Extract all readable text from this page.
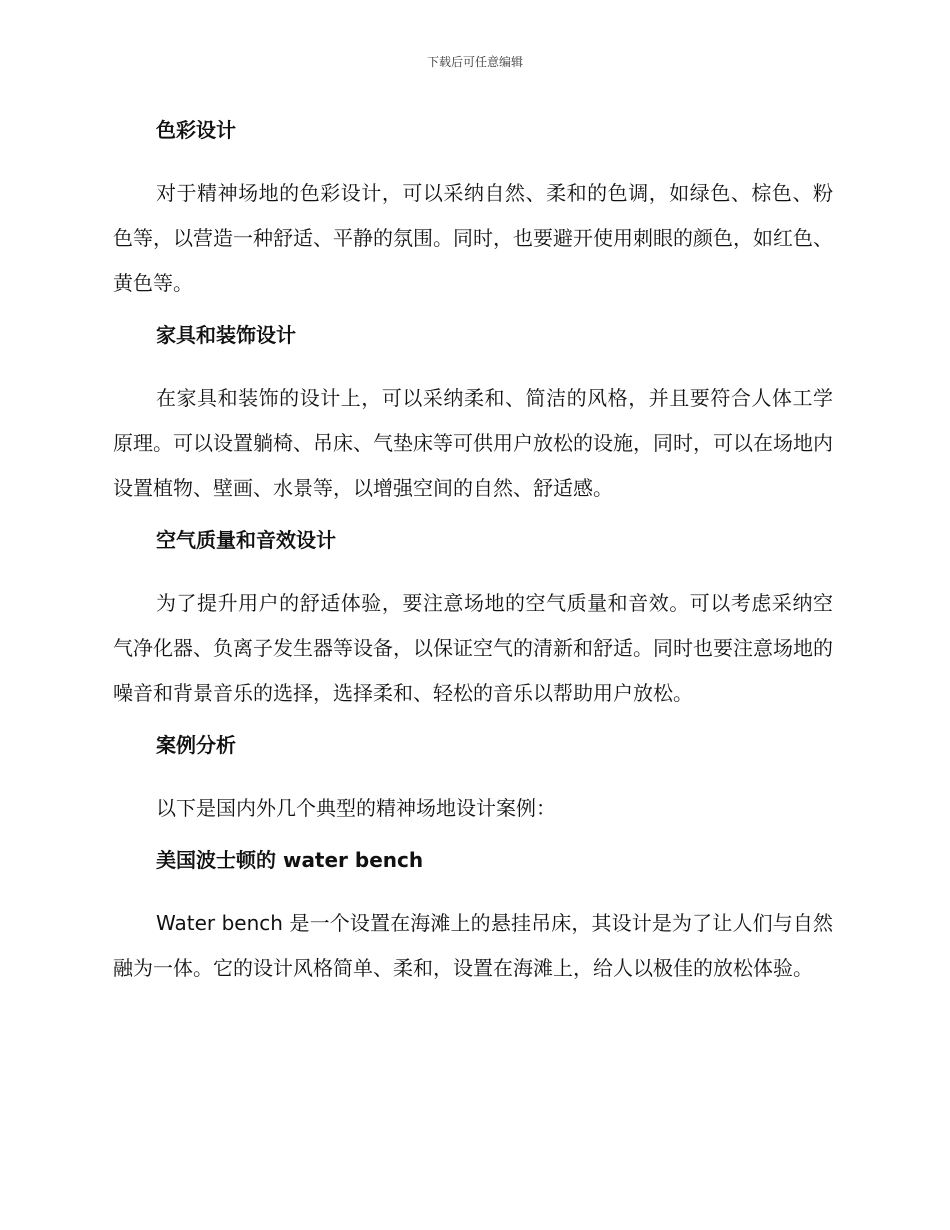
下载后可任意编辑
色彩设计
对于精神场地的色彩设计，可以采纳自然、柔和的色调，如绿色、棕色、粉色等，以营造一种舒适、平静的氛围。同时，也要避开使用刺眼的颜色，如红色、黄色等。
家具和装饰设计
在家具和装饰的设计上，可以采纳柔和、简洁的风格，并且要符合人体工学原理。可以设置躺椅、吊床、气垫床等可供用户放松的设施，同时，可以在场地内设置植物、壁画、水景等，以增强空间的自然、舒适感。
空气质量和音效设计
为了提升用户的舒适体验，要注意场地的空气质量和音效。可以考虑采纳空气净化器、负离子发生器等设备，以保证空气的清新和舒适。同时也要注意场地的噪音和背景音乐的选择，选择柔和、轻松的音乐以帮助用户放松。
案例分析
以下是国内外几个典型的精神场地设计案例：
美国波士顿的 water bench
Water bench 是一个设置在海滩上的悬挂吊床，其设计是为了让人们与自然融为一体。它的设计风格简单、柔和，设置在海滩上，给人以极佳的放松体验。
